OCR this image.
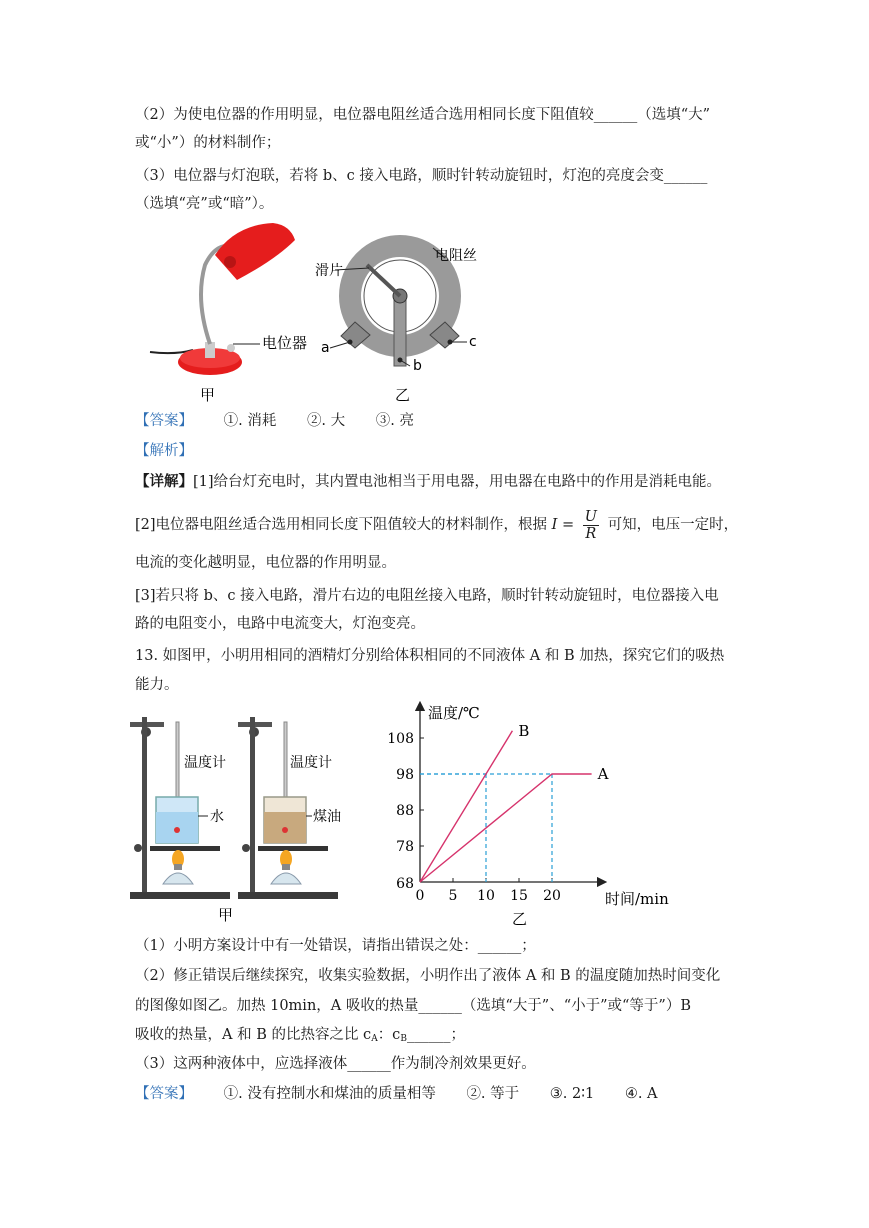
（2）为使电位器的作用明显，电位器电阻丝适合选用相同长度下阻值较______（选填“大”
或“小”）的材料制作；
（3）电位器与灯泡联，若将 b、c 接入电路，顺时针转动旋钮时，灯泡的亮度会变______
（选填“亮”或“暗”）。
电位器
甲
滑片
电阻丝
a
b
c
乙
【答案】 ①. 消耗 ②. 大 ③. 亮
【解析】
【详解】[1]给台灯充电时，其内置电池相当于用电器，用电器在电路中的作用是消耗电能。
[2]电位器电阻丝适合选用相同长度下阻值较大的材料制作，根据 $I = \frac{U}{R}$ 可知，电压一定时，
电流的变化越明显，电位器的作用明显。
[3]若只将 b、c 接入电路，滑片右边的电阻丝接入电路，顺时针转动旋钮时，电位器接入电
路的电阻变小，电路中电流变大，灯泡变亮。
13. 如图甲，小明用相同的酒精灯分别给体积相同的不同液体 A 和 B 加热，探究它们的吸热
能力。
温度计
水
温度计
煤油
甲
温度/℃
时间/min
乙
0 5 10 15 20
68
78
88
98
108	B
A
（1）小明方案设计中有一处错误，请指出错误之处：______；
（2）修正错误后继续探究，收集实验数据，小明作出了液体 A 和 B 的温度随加热时间变化
的图像如图乙。加热 10min，A 吸收的热量______（选填“大于”、“小于”或“等于”）B
吸收的热量，A 和 B 的比热容之比 $c_A$：$c_B\_\_\_\_\_\_$；
（3）这两种液体中，应选择液体______作为制冷剂效果更好。
【答案】 ①. 没有控制水和煤油的质量相等 ②. 等于 ③. 2∶1 ④. A
